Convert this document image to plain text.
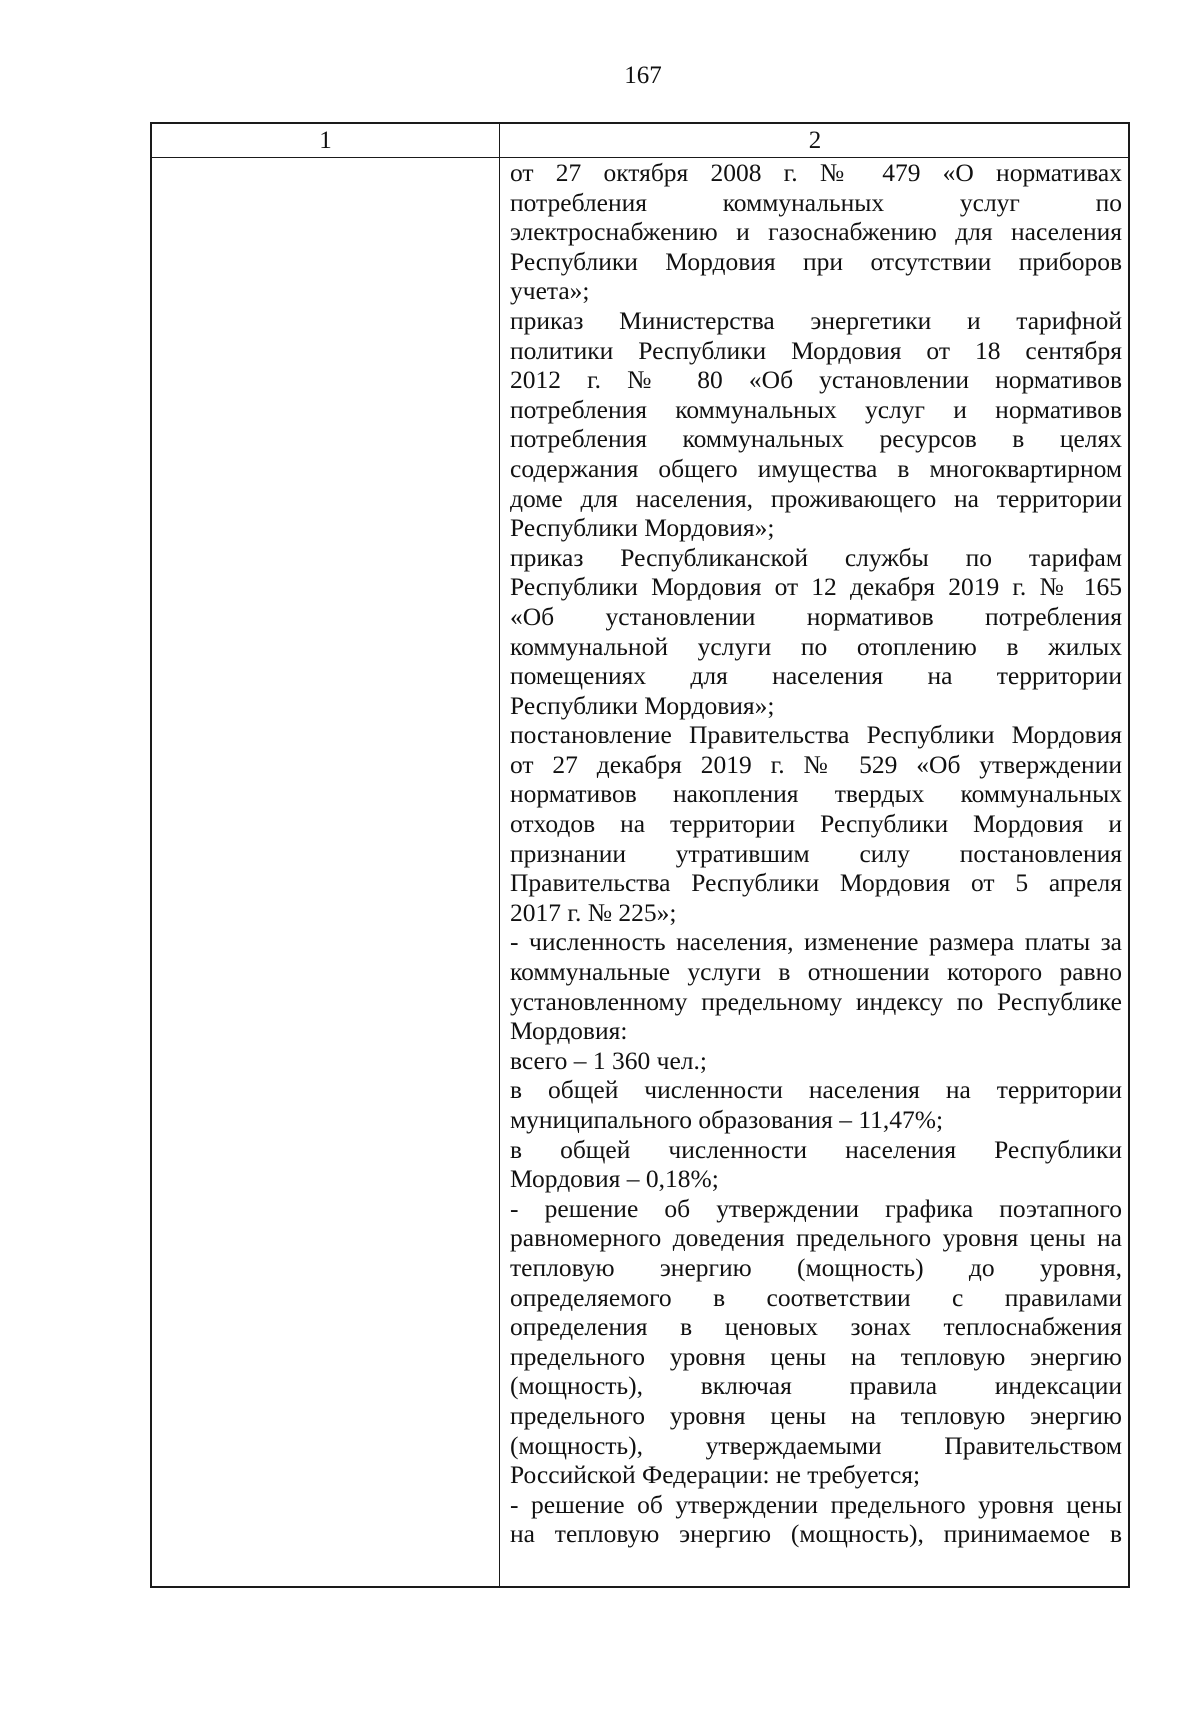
167
1	2
от 27 октября 2008 г. № 479 «О нормативах
потребления коммунальных услуг по
электроснабжению и газоснабжению для населения
Республики Мордовия при отсутствии приборов
учета»;
приказ Министерства энергетики и тарифной
политики Республики Мордовия от 18 сентября
2012 г. № 80 «Об установлении нормативов
потребления коммунальных услуг и нормативов
потребления коммунальных ресурсов в целях
содержания общего имущества в многоквартирном
доме для населения, проживающего на территории
Республики Мордовия»;
приказ Республиканской службы по тарифам
Республики Мордовия от 12 декабря 2019 г. № 165
«Об установлении нормативов потребления
коммунальной услуги по отоплению в жилых
помещениях для населения на территории
Республики Мордовия»;
постановление Правительства Республики Мордовия
от 27 декабря 2019 г. № 529 «Об утверждении
нормативов накопления твердых коммунальных
отходов на территории Республики Мордовия и
признании утратившим силу постановления
Правительства Республики Мордовия от 5 апреля
2017 г. № 225»;
- численность населения, изменение размера платы за
коммунальные услуги в отношении которого равно
установленному предельному индексу по Республике
Мордовия:
всего – 1 360 чел.;
в общей численности населения на территории
муниципального образования – 11,47%;
в общей численности населения Республики
Мордовия – 0,18%;
- решение об утверждении графика поэтапного
равномерного доведения предельного уровня цены на
тепловую энергию (мощность) до уровня,
определяемого в соответствии с правилами
определения в ценовых зонах теплоснабжения
предельного уровня цены на тепловую энергию
(мощность), включая правила индексации
предельного уровня цены на тепловую энергию
(мощность), утверждаемыми Правительством
Российской Федерации: не требуется;
- решение об утверждении предельного уровня цены
на тепловую энергию (мощность), принимаемое в
